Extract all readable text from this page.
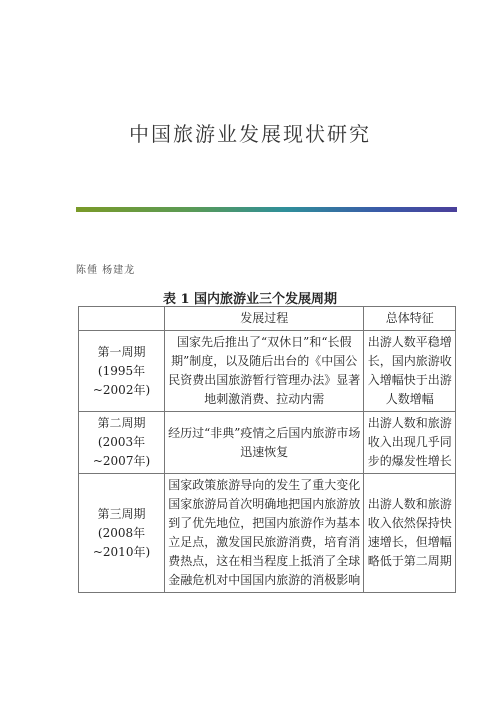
中国旅游业发展现状研究
陈偅 杨建龙
表 1 国内旅游业三个发展周期
	发展过程	总体特征
第一周期(1995年~2002年)	国家先后推出了“双休日”和“长假期”制度，以及随后出台的《中国公民资费出国旅游暂行管理办法》显著地刺激消费、拉动内需	出游人数平稳增长，国内旅游收入增幅快于出游人数增幅
第二周期(2003年~2007年)	经历过“非典”疫情之后国内旅游市场迅速恢复	出游人数和旅游收入出现几乎同步的爆发性增长
第三周期(2008年~2010年)	国家政策旅游导向的发生了重大变化国家旅游局首次明确地把国内旅游放到了优先地位，把国内旅游作为基本立足点，激发国民旅游消费，培育消费热点，这在相当程度上抵消了全球金融危机对中国国内旅游的消极影响	出游人数和旅游收入依然保持快速增长，但增幅略低于第二周期
